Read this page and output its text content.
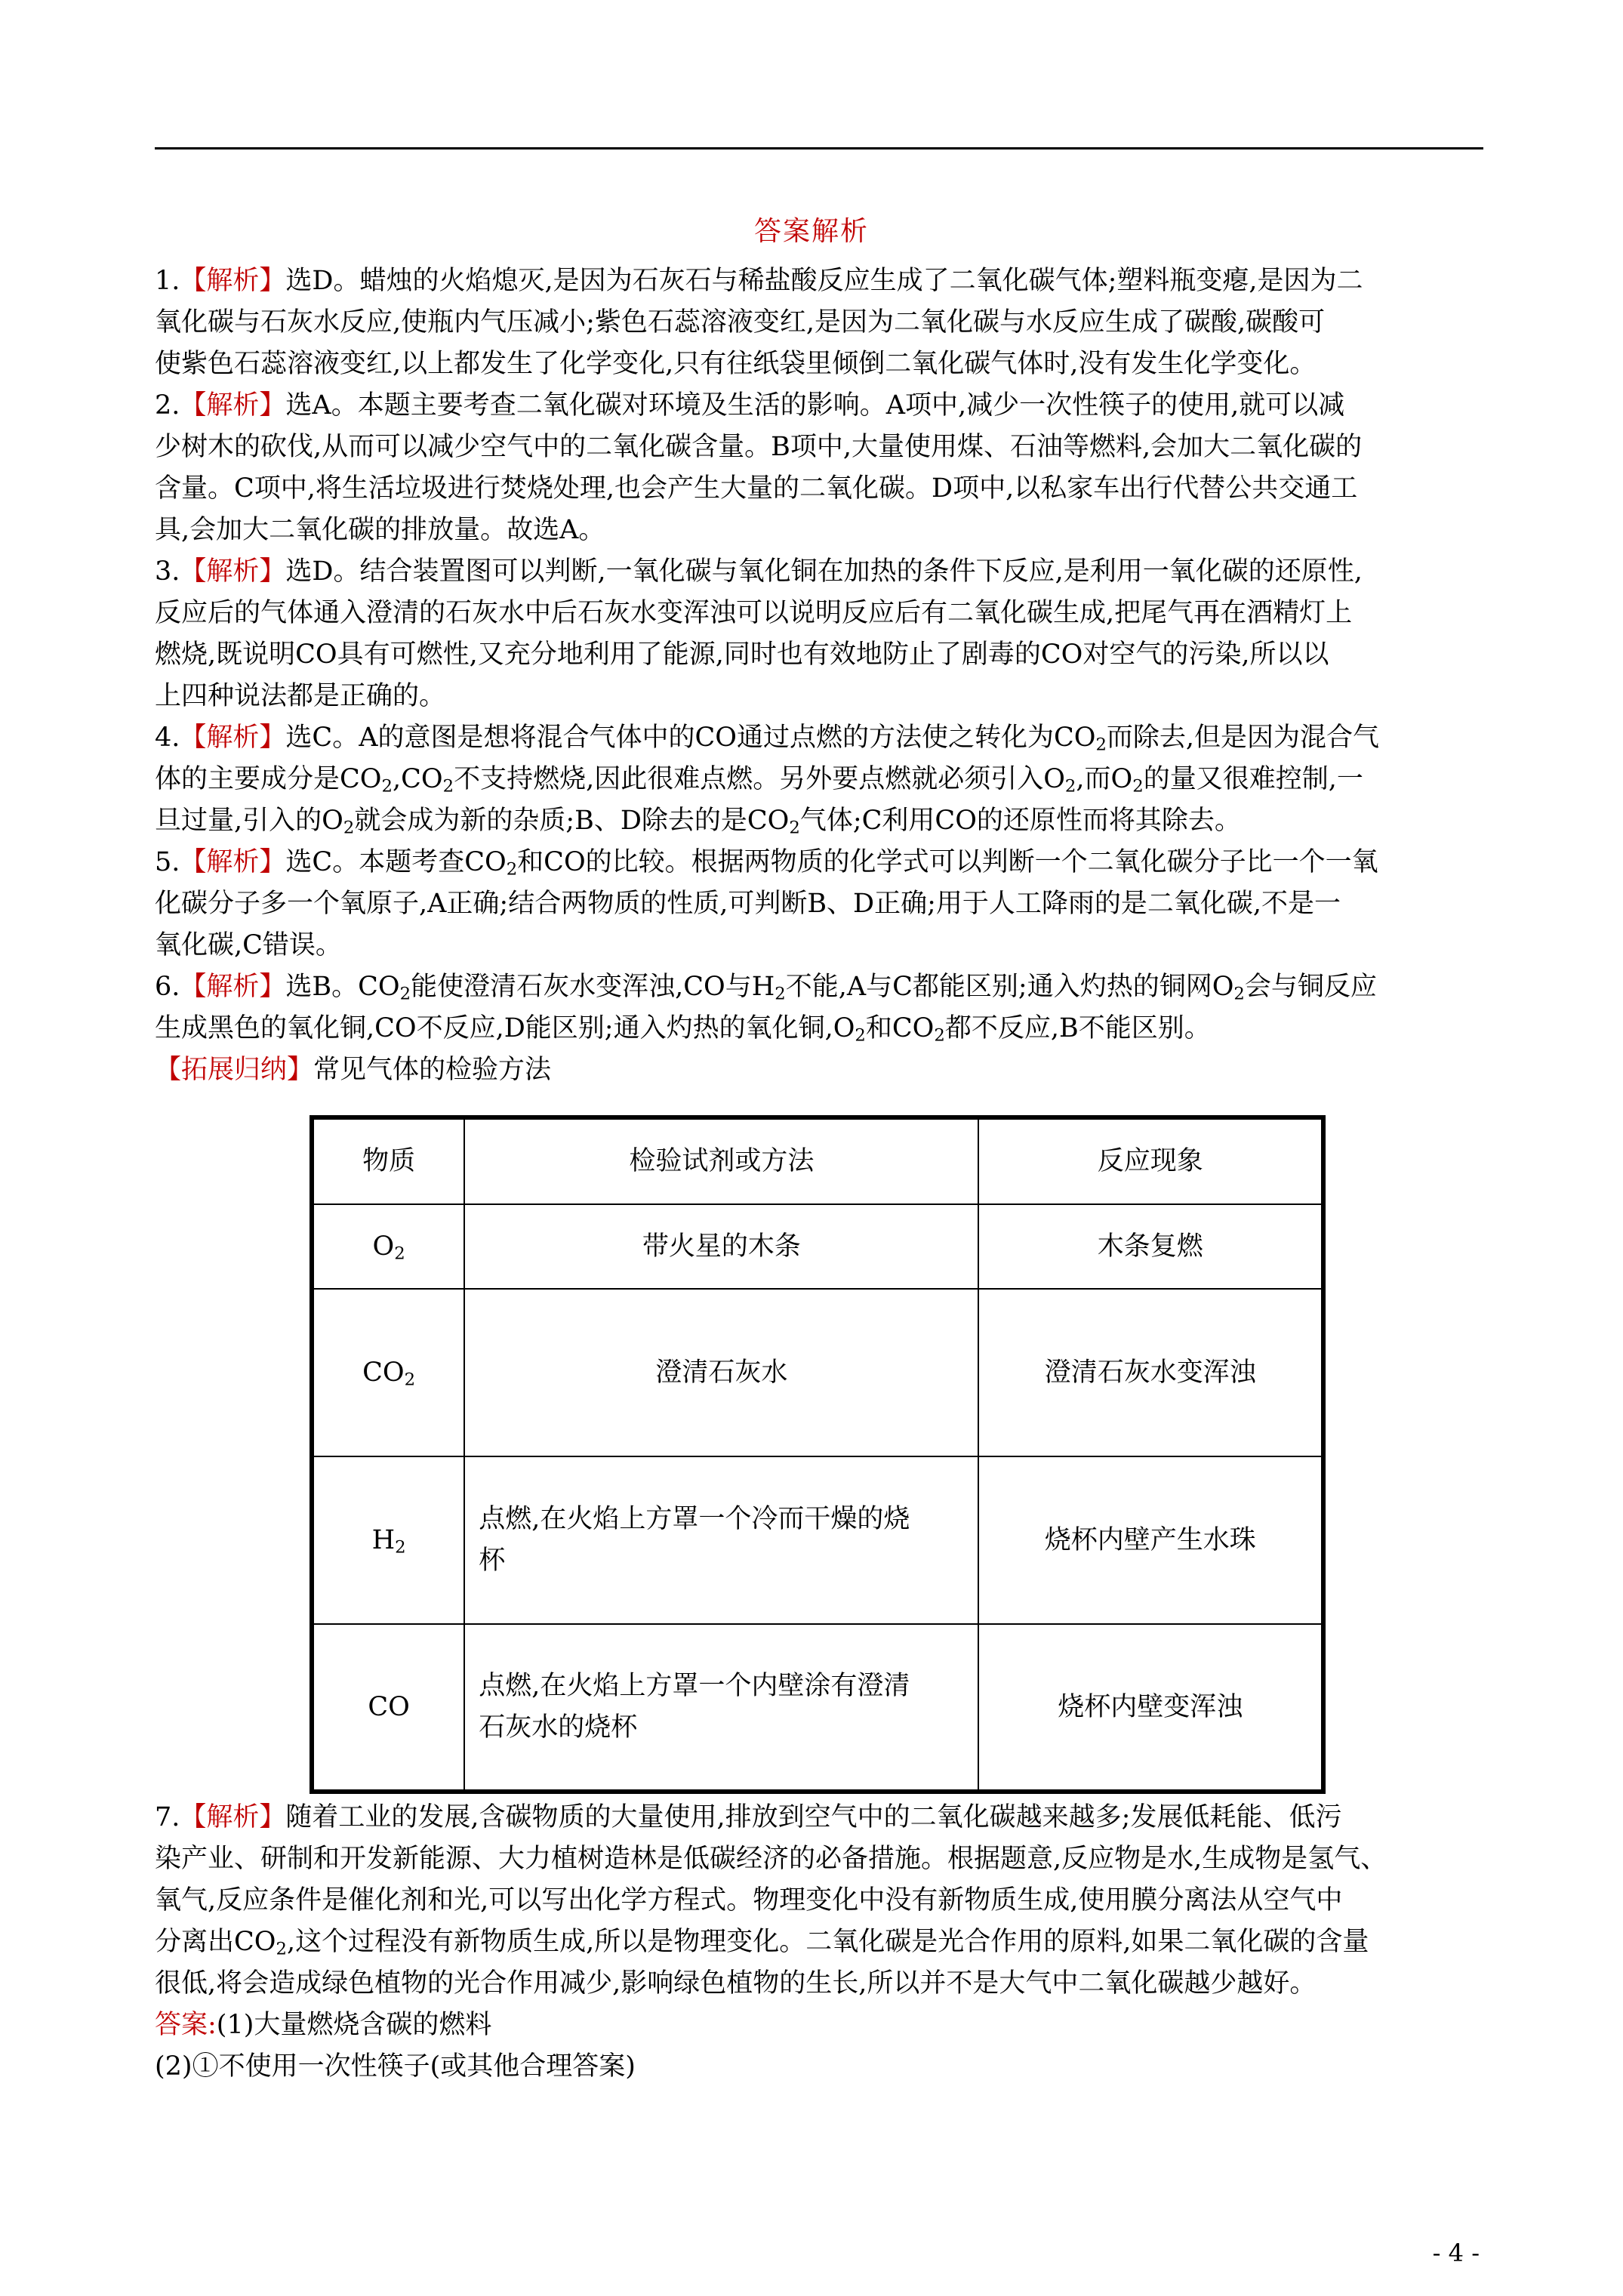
答案解析
1.【解析】选D。蜡烛的火焰熄灭,是因为石灰石与稀盐酸反应生成了二氧化碳气体;塑料瓶变瘪,是因为二
氧化碳与石灰水反应,使瓶内气压减小;紫色石蕊溶液变红,是因为二氧化碳与水反应生成了碳酸,碳酸可
使紫色石蕊溶液变红,以上都发生了化学变化,只有往纸袋里倾倒二氧化碳气体时,没有发生化学变化。
2.【解析】选A。本题主要考查二氧化碳对环境及生活的影响。A项中,减少一次性筷子的使用,就可以减
少树木的砍伐,从而可以减少空气中的二氧化碳含量。B项中,大量使用煤、石油等燃料,会加大二氧化碳的
含量。C项中,将生活垃圾进行焚烧处理,也会产生大量的二氧化碳。D项中,以私家车出行代替公共交通工
具,会加大二氧化碳的排放量。故选A。
3.【解析】选D。结合装置图可以判断,一氧化碳与氧化铜在加热的条件下反应,是利用一氧化碳的还原性,
反应后的气体通入澄清的石灰水中后石灰水变浑浊可以说明反应后有二氧化碳生成,把尾气再在酒精灯上
燃烧,既说明CO具有可燃性,又充分地利用了能源,同时也有效地防止了剧毒的CO对空气的污染,所以以
上四种说法都是正确的。
4.【解析】选C。A的意图是想将混合气体中的CO通过点燃的方法使之转化为$CO_2$而除去,但是因为混合气
体的主要成分是$CO_2,CO_2$不支持燃烧,因此很难点燃。另外要点燃就必须引入$O_2$,而$O_2$的量又很难控制,一
旦过量,引入的$O_2$就会成为新的杂质;B、D除去的是$CO_2$气体;C利用CO的还原性而将其除去。
5.【解析】选C。本题考查$CO_2$和CO的比较。根据两物质的化学式可以判断一个二氧化碳分子比一个一氧
化碳分子多一个氧原子,A正确;结合两物质的性质,可判断B、D正确;用于人工降雨的是二氧化碳,不是一
氧化碳,C错误。
6.【解析】选B。$CO_2$能使澄清石灰水变浑浊,CO与$H_2$不能,A与C都能区别;通入灼热的铜网$O_2$会与铜反应
生成黑色的氧化铜,CO不反应,D能区别;通入灼热的氧化铜$,O_2$和$CO_2$都不反应,B不能区别。
【拓展归纳】常见气体的检验方法
物质	检验试剂或方法	反应现象
$O_2$	带火星的木条	木条复燃
$CO_2$	澄清石灰水	澄清石灰水变浑浊
$H_2$	点燃,在火焰上方罩一个冷而干燥的烧
杯	烧杯内壁产生水珠
CO	点燃,在火焰上方罩一个内壁涂有澄清
石灰水的烧杯	烧杯内壁变浑浊
7.【解析】随着工业的发展,含碳物质的大量使用,排放到空气中的二氧化碳越来越多;发展低耗能、低污
染产业、研制和开发新能源、大力植树造林是低碳经济的必备措施。根据题意,反应物是水,生成物是氢气、
氧气,反应条件是催化剂和光,可以写出化学方程式。物理变化中没有新物质生成,使用膜分离法从空气中
分离出$CO_2$,这个过程没有新物质生成,所以是物理变化。二氧化碳是光合作用的原料,如果二氧化碳的含量
很低,将会造成绿色植物的光合作用减少,影响绿色植物的生长,所以并不是大气中二氧化碳越少越好。
答案:(1)大量燃烧含碳的燃料
(2)①不使用一次性筷子(或其他合理答案)
- 4 -
